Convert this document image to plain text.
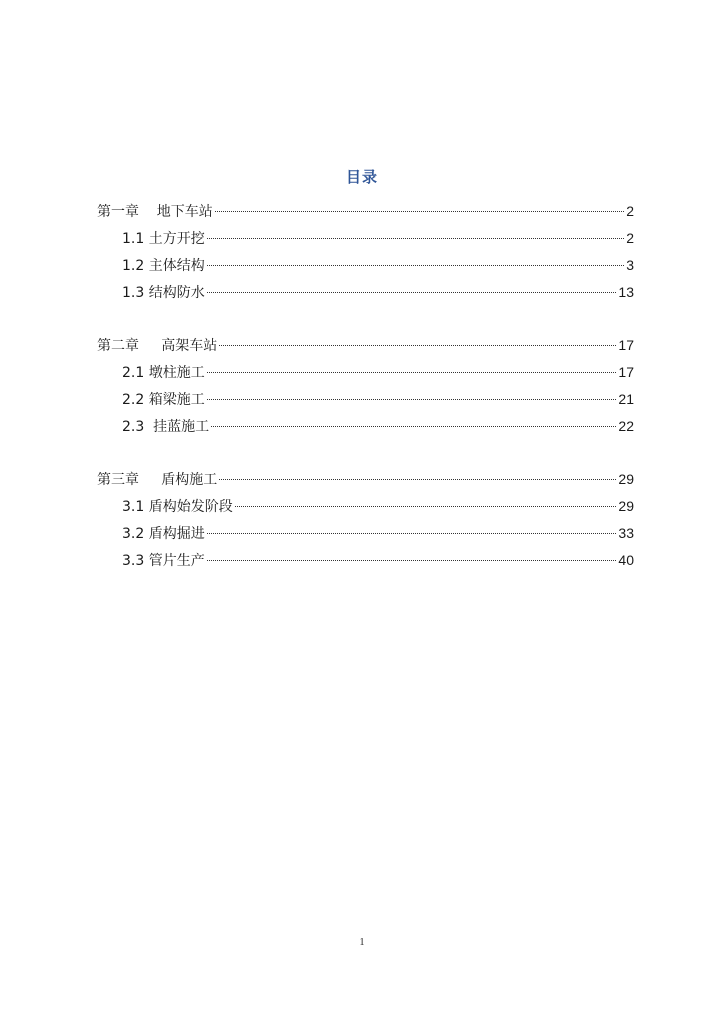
目录
第一章    地下车站	2
1.1 土方开挖	2
1.2 主体结构	3
1.3 结构防水	13
第二章     高架车站	17
2.1 墩柱施工	17
2.2 箱梁施工	21
2.3  挂蓝施工	22
第三章     盾构施工	29
3.1 盾构始发阶段	29
3.2 盾构掘进	33
3.3 管片生产	40
1
